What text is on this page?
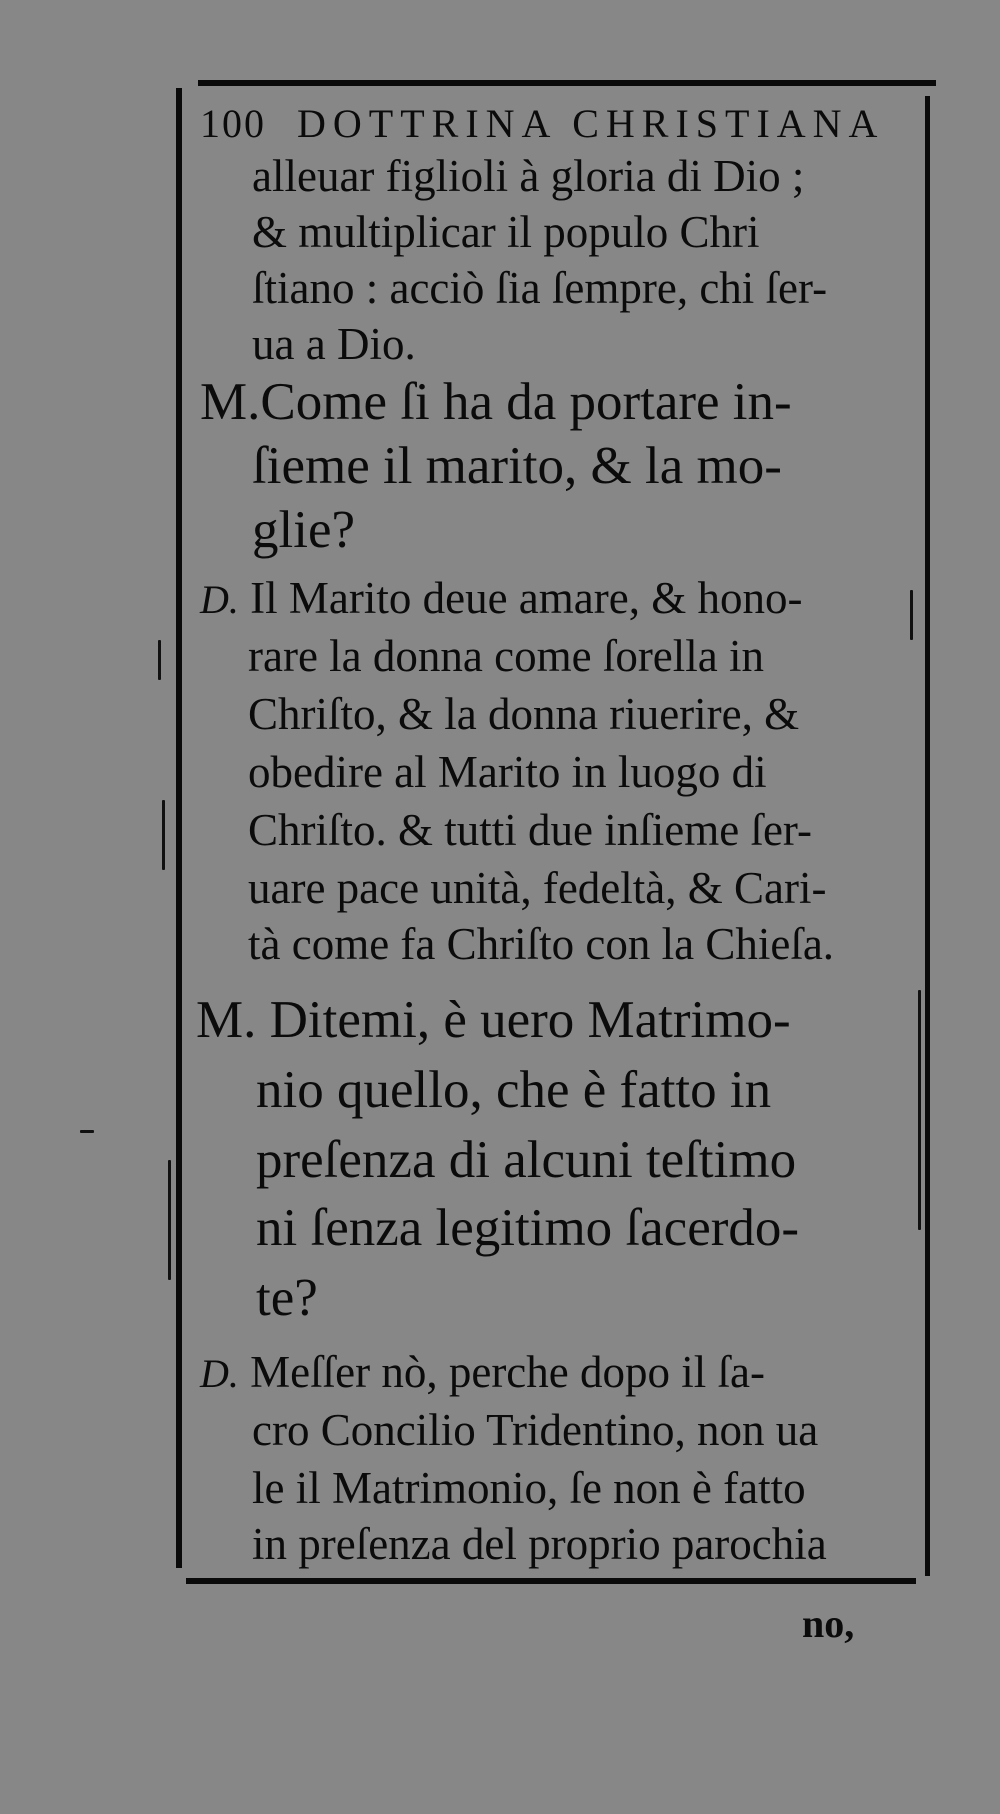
100 DOTTRINA CHRISTIANA
alleuar figlioli à gloria di Dio ;
& multiplicar il populo Chri
ſtiano : acciò ſia ſempre, chi ſer-
ua a Dio.
M.Come ſi ha da portare in-
ſieme il marito, & la mo-
glie?
D. Il Marito deue amare, & hono-
rare la donna come ſorella in
Chriſto, & la donna riuerire, &
obedire al Marito in luogo di
Chriſto. & tutti due inſieme ſer-
uare pace unità, fedeltà, & Cari-
tà come fa Chriſto con la Chieſa.
M. Ditemi, è uero Matrimo-
nio quello, che è fatto in
preſenza di alcuni teſtimo
ni ſenza legitimo ſacerdo-
te?
D. Meſſer nò, perche dopo il ſa-
cro Concilio Tridentino, non ua
le il Matrimonio, ſe non è fatto
in preſenza del proprio parochia
no,
